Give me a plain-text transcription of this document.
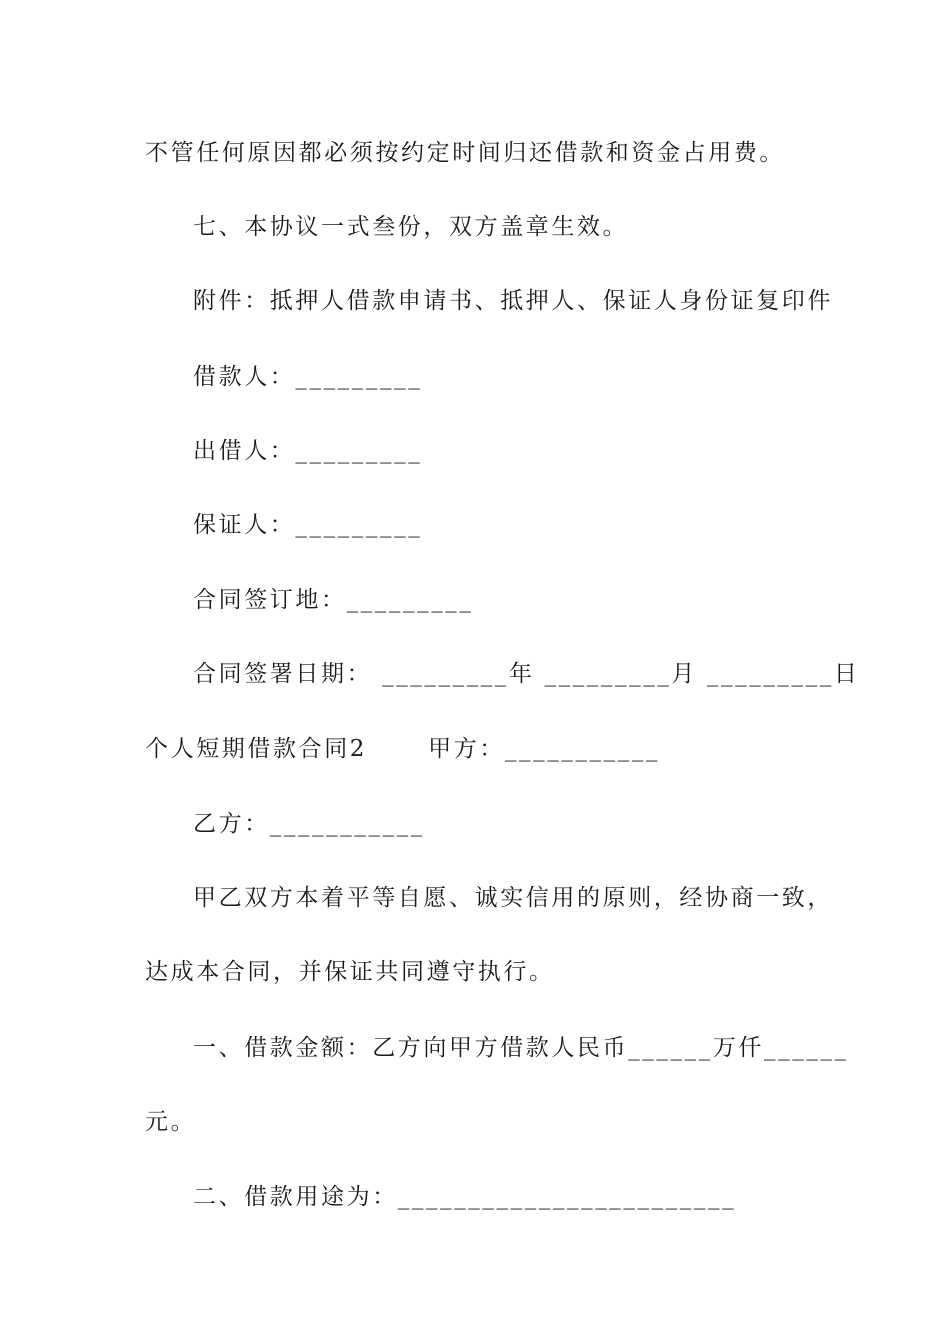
不管任何原因都必须按约定时间归还借款和资金占用费。
七、本协议一式叁份，双方盖章生效。
附件：抵押人借款申请书、抵押人、保证人身份证复印件
借款人：_________
出借人：_________
保证人：_________
合同签订地：_________
合同签署日期： _________年 _________月 _________日
个人短期借款合同2　　 甲方：___________
乙方：___________
甲乙双方本着平等自愿、诚实信用的原则，经协商一致，
达成本合同，并保证共同遵守执行。
一、借款金额：乙方向甲方借款人民币______万仟______
元。
二、借款用途为：________________________
